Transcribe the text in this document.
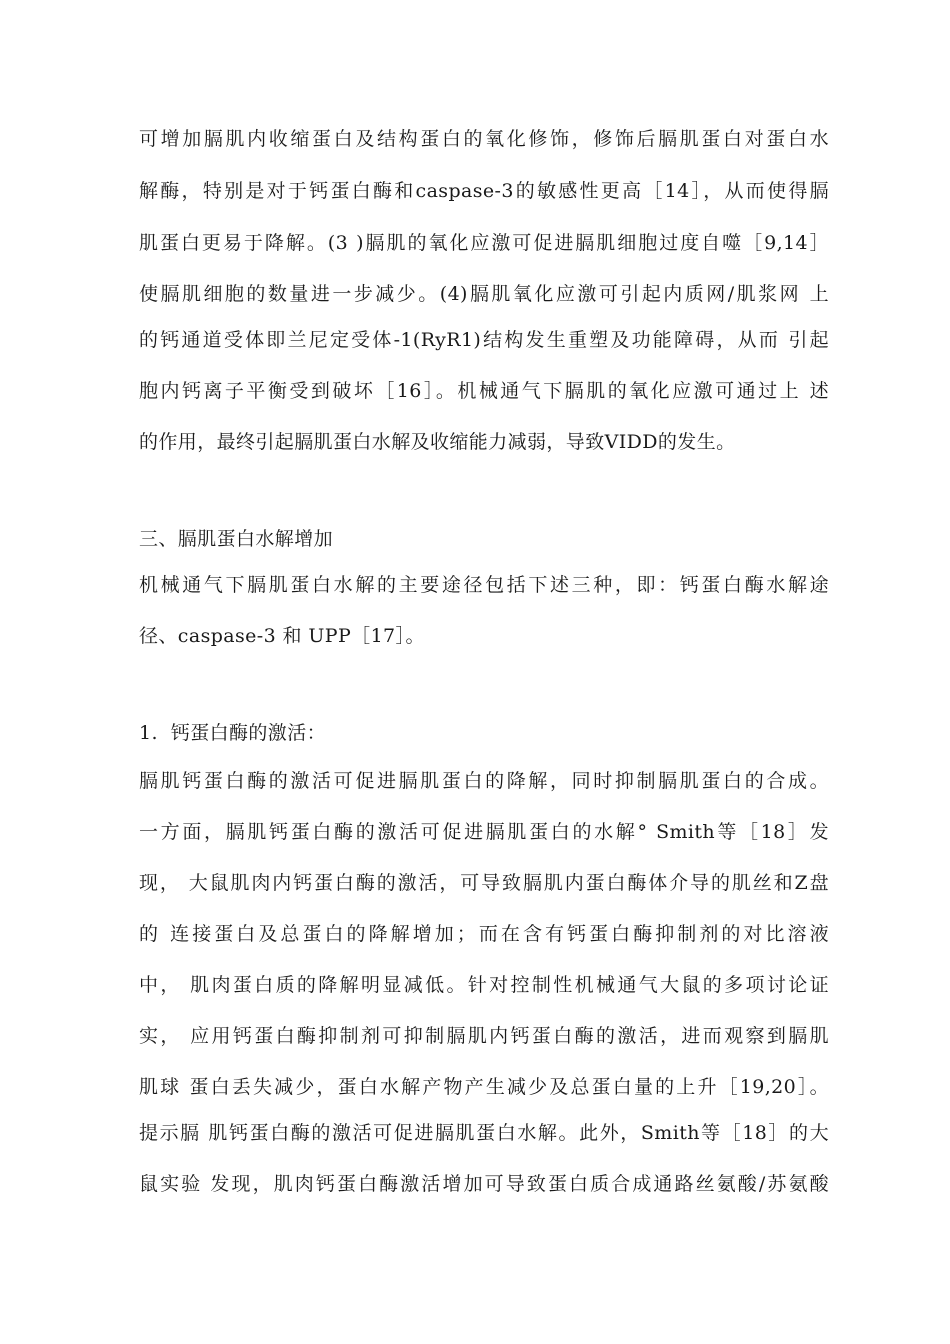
可增加膈肌内收缩蛋白及结构蛋白的氧化修饰，修饰后膈肌蛋白对蛋白水
解酶，特别是对于钙蛋白酶和caspase-3的敏感性更高［14］，从而使得膈
肌蛋白更易于降解。(3 )膈肌的氧化应激可促进膈肌细胞过度自噬［9,14］
使膈肌细胞的数量进一步减少。(4)膈肌氧化应激可引起内质网/肌浆网 上
的钙通道受体即兰尼定受体-1(RyR1)结构发生重塑及功能障碍，从而 引起
胞内钙离子平衡受到破坏［16］。机械通气下膈肌的氧化应激可通过上 述
的作用，最终引起膈肌蛋白水解及收缩能力减弱，导致VIDD的发生。
三、膈肌蛋白水解增加
机械通气下膈肌蛋白水解的主要途径包括下述三种，即：钙蛋白酶水解途
径、caspase-3 和 UPP［17］。
1.  钙蛋白酶的激活：
膈肌钙蛋白酶的激活可促进膈肌蛋白的降解，同时抑制膈肌蛋白的合成。
一方面，膈肌钙蛋白酶的激活可促进膈肌蛋白的水解° Smith等［18］发
现， 大鼠肌肉内钙蛋白酶的激活，可导致膈肌内蛋白酶体介导的肌丝和Z盘
的 连接蛋白及总蛋白的降解增加；而在含有钙蛋白酶抑制剂的对比溶液
中， 肌肉蛋白质的降解明显减低。针对控制性机械通气大鼠的多项讨论证
实， 应用钙蛋白酶抑制剂可抑制膈肌内钙蛋白酶的激活，进而观察到膈肌
肌球 蛋白丢失减少，蛋白水解产物产生减少及总蛋白量的上升［19,20］。
提示膈 肌钙蛋白酶的激活可促进膈肌蛋白水解。此外，Smith等［18］的大
鼠实验 发现，肌肉钙蛋白酶激活增加可导致蛋白质合成通路丝氨酸/苏氨酸
